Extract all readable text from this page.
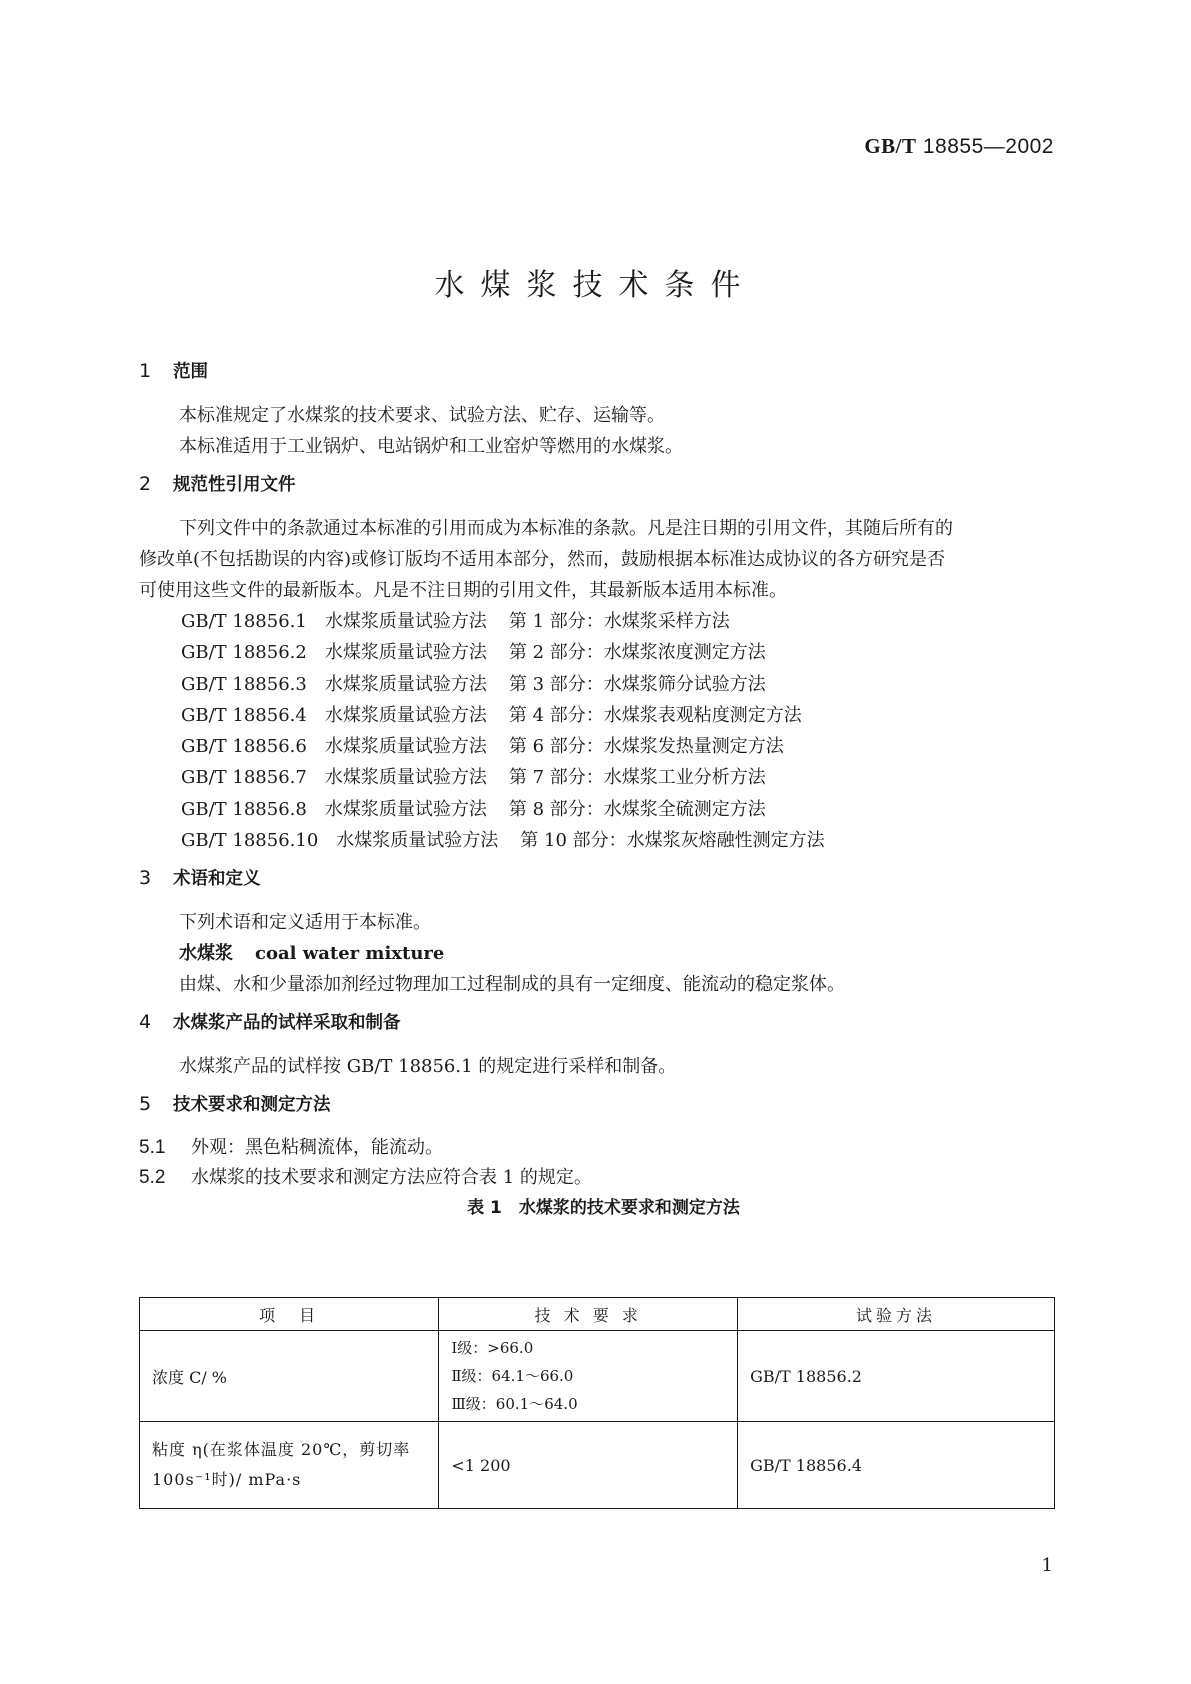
GB/T 18855—2002
水煤浆技术条件
1 范围

本标准规定了水煤浆的技术要求、试验方法、贮存、运输等。

本标准适用于工业锅炉、电站锅炉和工业窑炉等燃用的水煤浆。

2 规范性引用文件

下列文件中的条款通过本标准的引用而成为本标准的条款。凡是注日期的引用文件，其随后所有的

修改单(不包括勘误的内容)或修订版均不适用本部分，然而，鼓励根据本标准达成协议的各方研究是否

可使用这些文件的最新版本。凡是不注日期的引用文件，其最新版本适用本标准。

GB/T 18856.1 水煤浆质量试验方法 第 1 部分：水煤浆采样方法
GB/T 18856.2 水煤浆质量试验方法 第 2 部分：水煤浆浓度测定方法
GB/T 18856.3 水煤浆质量试验方法 第 3 部分：水煤浆筛分试验方法
GB/T 18856.4 水煤浆质量试验方法 第 4 部分：水煤浆表观粘度测定方法
GB/T 18856.6 水煤浆质量试验方法 第 6 部分：水煤浆发热量测定方法
GB/T 18856.7 水煤浆质量试验方法 第 7 部分：水煤浆工业分析方法
GB/T 18856.8 水煤浆质量试验方法 第 8 部分：水煤浆全硫测定方法
GB/T 18856.10 水煤浆质量试验方法 第 10 部分：水煤浆灰熔融性测定方法
3 术语和定义

下列术语和定义适用于本标准。

水煤浆 coal water mixture

由煤、水和少量添加剂经过物理加工过程制成的具有一定细度、能流动的稳定浆体。

4 水煤浆产品的试样采取和制备

水煤浆产品的试样按 GB/T 18856.1 的规定进行采样和制备。

5 技术要求和测定方法
5.1 外观：黑色粘稠流体，能流动。
5.2 水煤浆的技术要求和测定方法应符合表 1 的规定。
表 1　水煤浆的技术要求和测定方法
项　目	技 术 要 求	试验方法
浓度 C/ %	Ⅰ级：>66.0
Ⅱ级：64.1～66.0
Ⅲ级：60.1～64.0	GB/T 18856.2

粘度 η(在浆体温度 20℃，剪切率
100s⁻¹时)/ mPa·s	<1 200	GB/T 18856.4
1
